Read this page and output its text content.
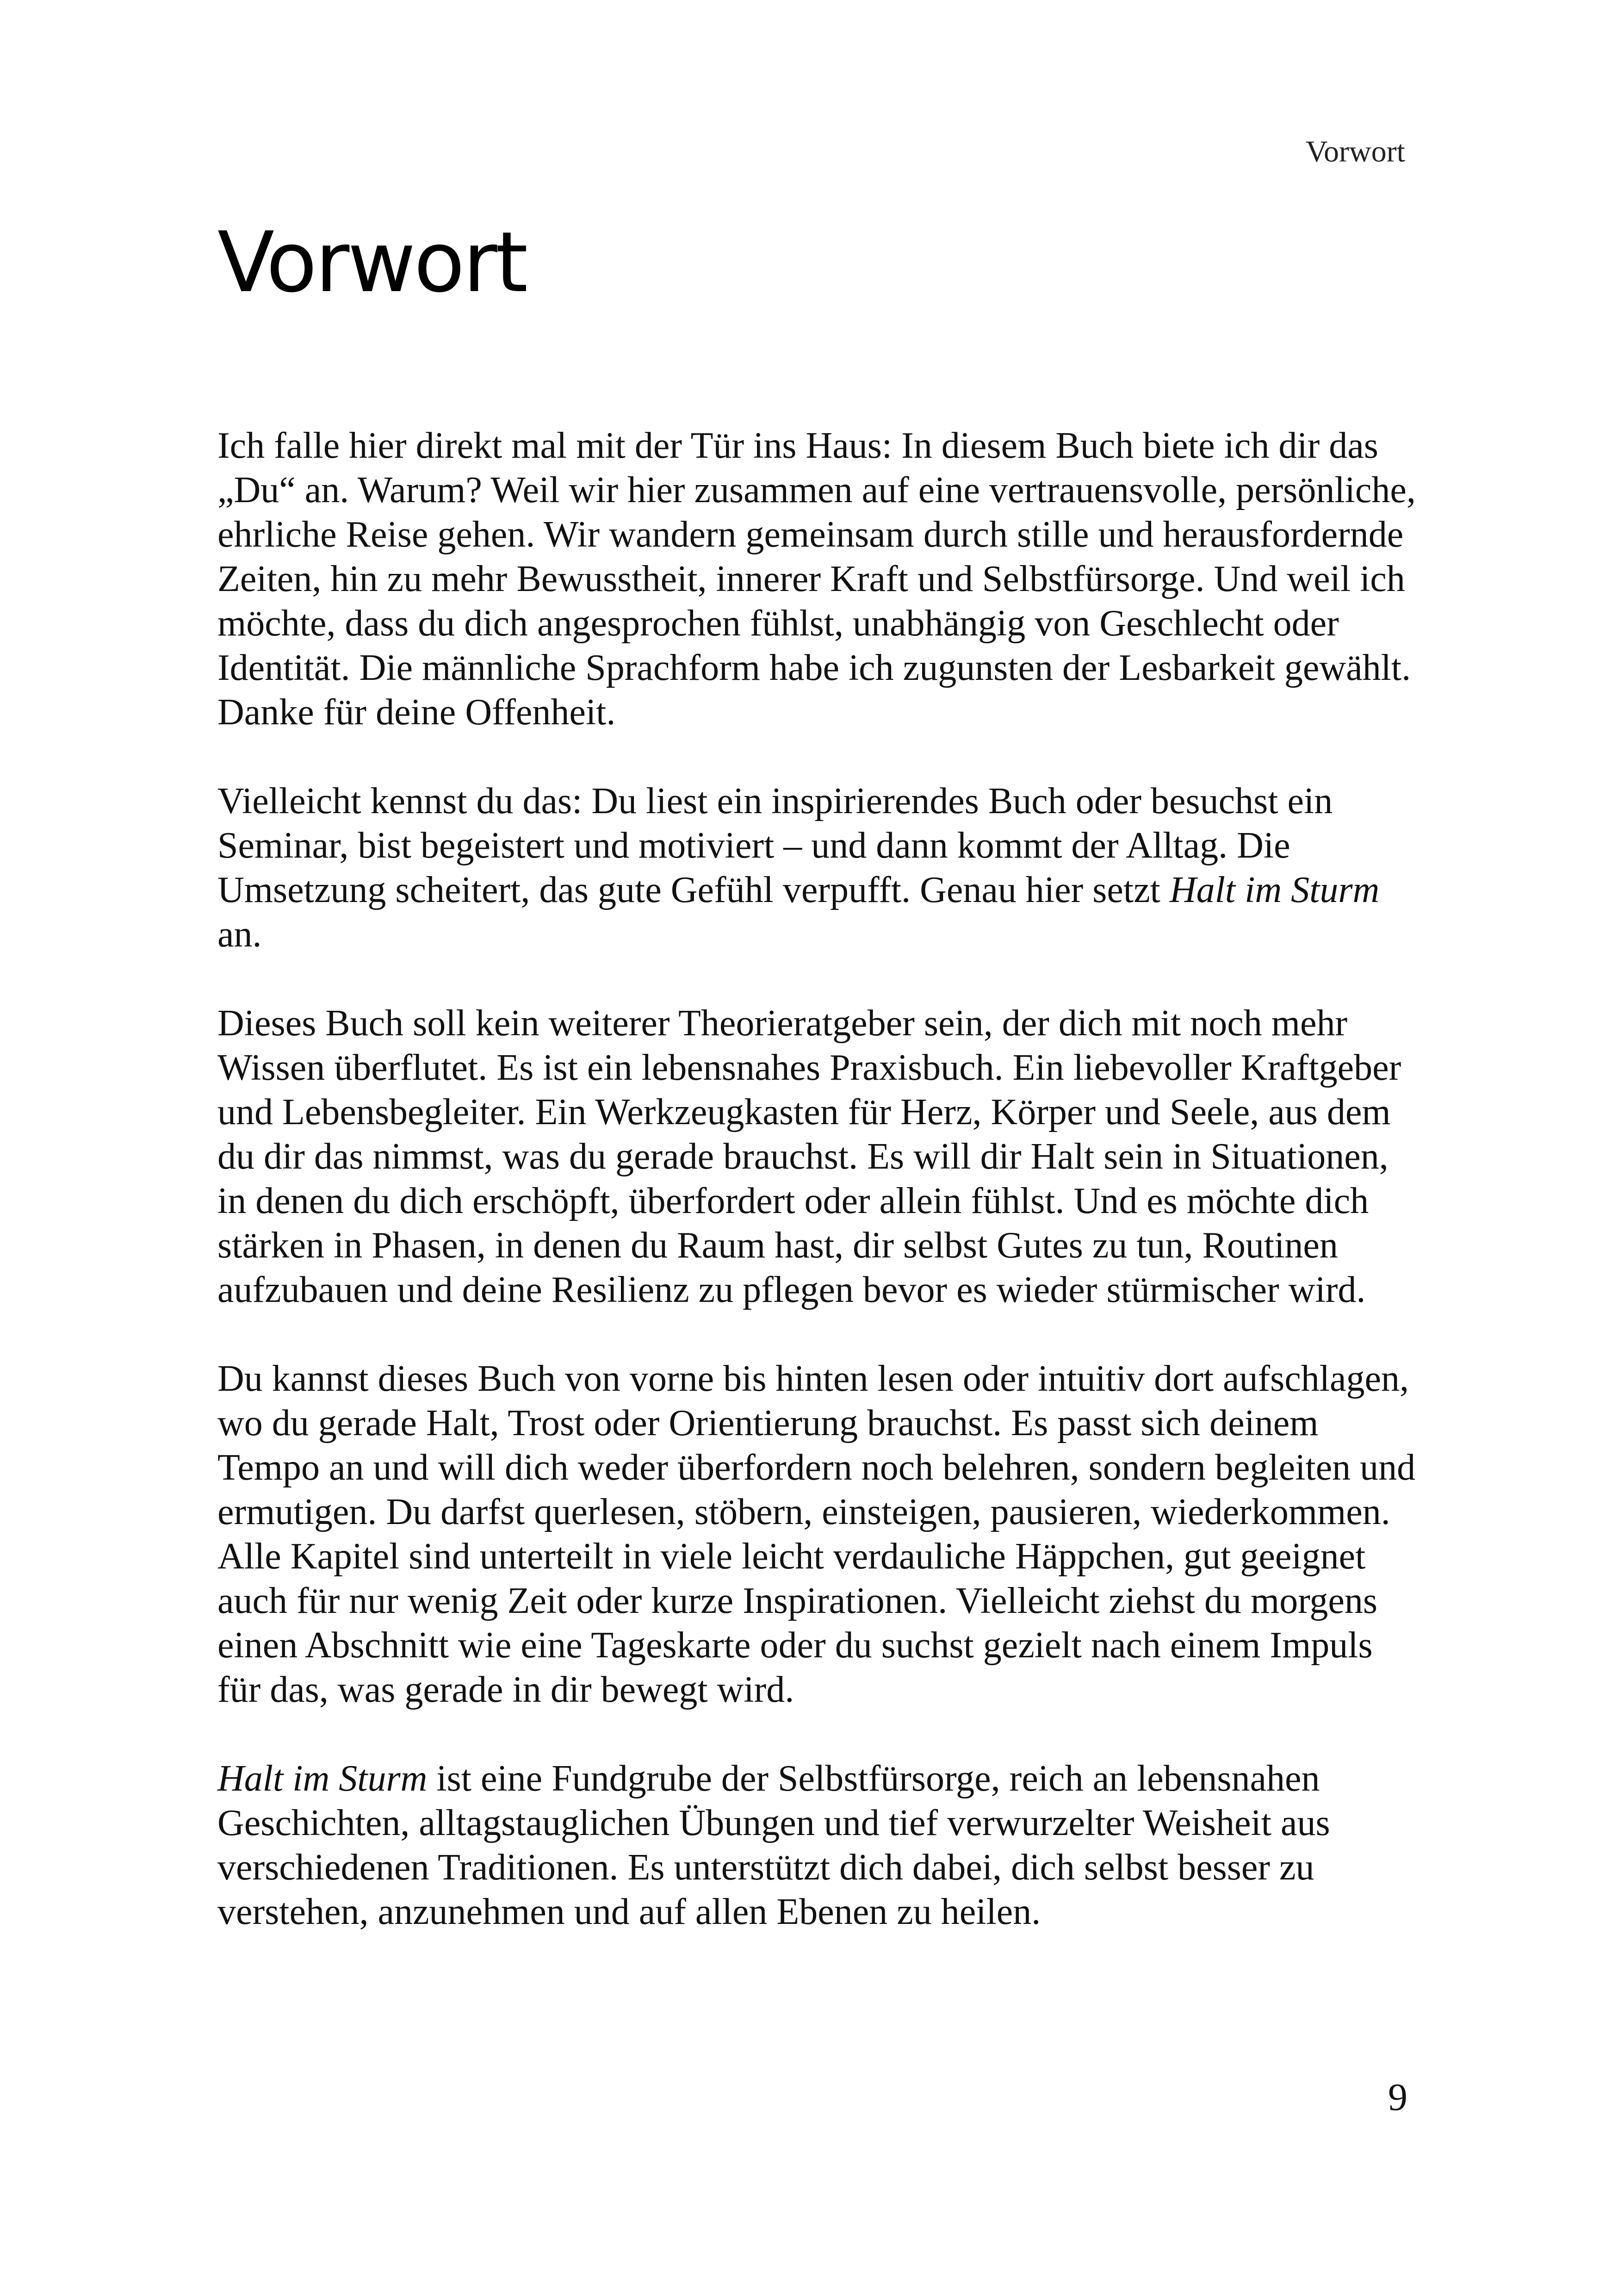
Vorwort
Vorwort

Ich falle hier direkt mal mit der Tür ins Haus: In diesem Buch biete ich dir das „Du“ an. Warum? Weil wir hier zusammen auf eine vertrauensvolle, persönliche, ehrliche Reise gehen. Wir wandern gemeinsam durch stille und herausfordernde Zeiten, hin zu mehr Bewusstheit, innerer Kraft und Selbstfürsorge. Und weil ich möchte, dass du dich angesprochen fühlst, unabhängig von Geschlecht oder Identität. Die männliche Sprachform habe ich zugunsten der Lesbarkeit gewählt. Danke für deine Offenheit.

Vielleicht kennst du das: Du liest ein inspirierendes Buch oder besuchst ein Seminar, bist begeistert und motiviert – und dann kommt der Alltag. Die Umsetzung scheitert, das gute Gefühl verpufft. Genau hier setzt Halt im Sturm an.

Dieses Buch soll kein weiterer Theorieratgeber sein, der dich mit noch mehr Wissen überflutet. Es ist ein lebensnahes Praxisbuch. Ein liebevoller Kraftgeber und Lebensbegleiter. Ein Werkzeugkasten für Herz, Körper und Seele, aus dem du dir das nimmst, was du gerade brauchst. Es will dir Halt sein in Situationen, in denen du dich erschöpft, überfordert oder allein fühlst. Und es möchte dich stärken in Phasen, in denen du Raum hast, dir selbst Gutes zu tun, Routinen aufzubauen und deine Resilienz zu pflegen bevor es wieder stürmischer wird.

Du kannst dieses Buch von vorne bis hinten lesen oder intuitiv dort aufschlagen, wo du gerade Halt, Trost oder Orientierung brauchst. Es passt sich deinem Tempo an und will dich weder überfordern noch belehren, sondern begleiten und ermutigen. Du darfst querlesen, stöbern, einsteigen, pausieren, wiederkommen. Alle Kapitel sind unterteilt in viele leicht verdauliche Häppchen, gut geeignet auch für nur wenig Zeit oder kurze Inspirationen. Vielleicht ziehst du morgens einen Abschnitt wie eine Tageskarte oder du suchst gezielt nach einem Impuls für das, was gerade in dir bewegt wird.

Halt im Sturm ist eine Fundgrube der Selbstfürsorge, reich an lebensnahen Geschichten, alltagstauglichen Übungen und tief verwurzelter Weisheit aus verschiedenen Traditionen. Es unterstützt dich dabei, dich selbst besser zu verstehen, anzunehmen und auf allen Ebenen zu heilen.

9
